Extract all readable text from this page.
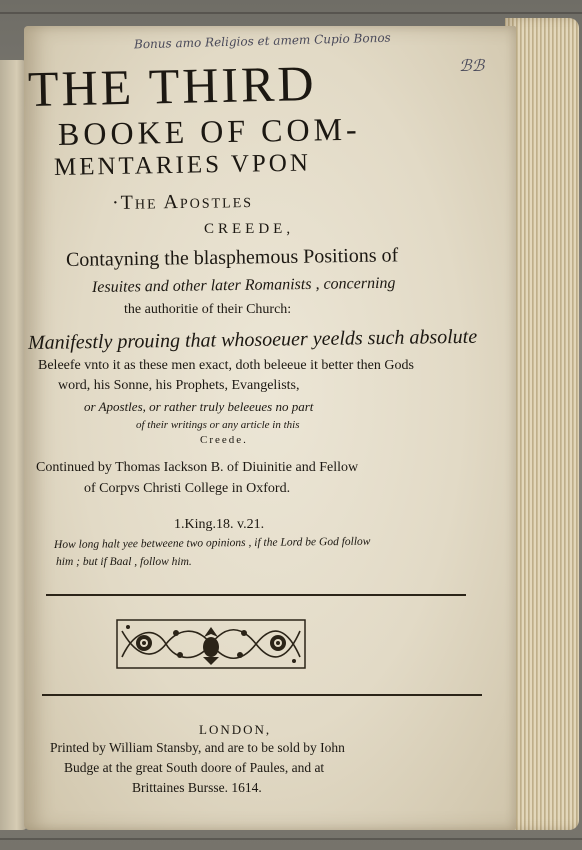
Bonus amo Religios et amem Cupio Bonos
ℬℬ
THE THIRD
BOOKE OF COM-
MENTARIES VPON
·The Apostles
CREEDE,
Contayning the blasphemous Positions of
Iesuites and other later Romanists , concerning
the authoritie of their Church:
Manifestly prouing that whosoeuer yeelds such absolute
Beleefe vnto it as these men exact, doth beleeue it better then Gods
word, his Sonne, his Prophets, Evangelists,
or Apostles, or rather truly beleeues no part
of their writings or any article in this
Creede.
Continued by Thomas Iackson B. of Diuinitie and Fellow
of Corpvs Christi College in Oxford.
1.King.18. v.21.
How long halt yee betweene two opinions , if the Lord be God follow
him ; but if Baal , follow him.
LONDON,
Printed by William Stansby, and are to be sold by Iohn
Budge at the great South doore of Paules, and at
Brittaines Bursse. 1614.
